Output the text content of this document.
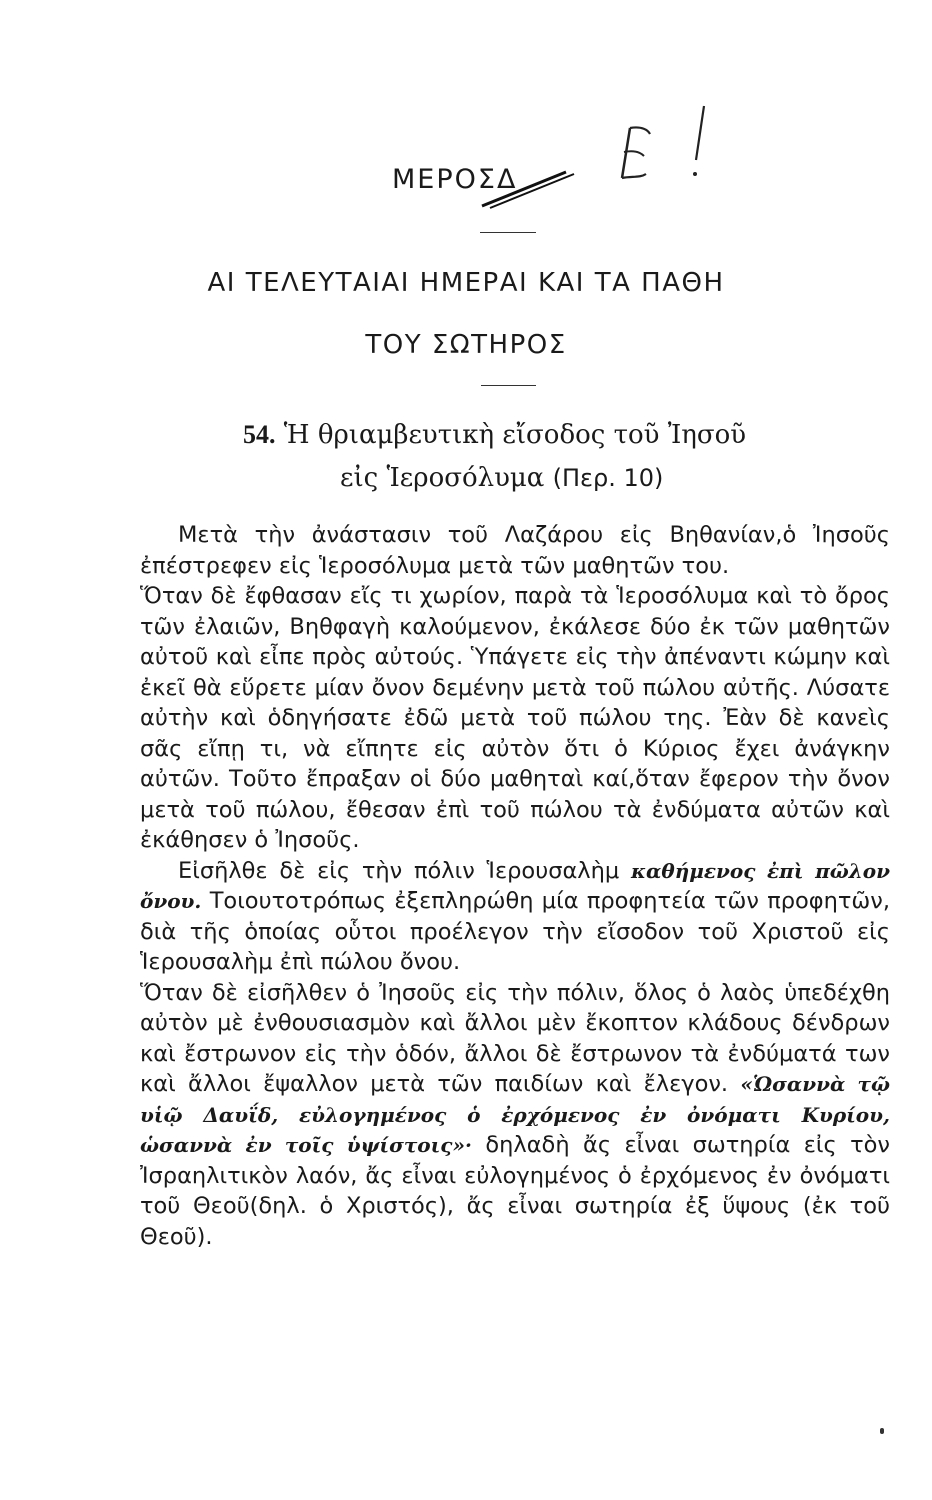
ΜΕΡΟΣΔ	Ε!
ΑΙ ΤΕΛΕΥΤΑΙΑΙ ΗΜΕΡΑΙ ΚΑΙ ΤΑ ΠΑΘΗ
ΤΟΥ ΣΩΤΗΡΟΣ
54. Ἡ θριαμβευτικὴ εἴσοδος τοῦ Ἰησοῦ
εἰς Ἱεροσόλυμα (Περ. 10)

Μετὰ τὴν ἀνάστασιν τοῦ Λαζάρου εἰς Βηθανίαν,ὁ Ἰησοῦς ἐπέστρεφεν εἰς Ἱεροσόλυμα μετὰ τῶν μαθητῶν του.

Ὅταν δὲ ἔφθασαν εἴς τι χωρίον, παρὰ τὰ Ἱεροσόλυμα καὶ τὸ ὄρος τῶν ἐλαιῶν, Βηθφαγὴ καλούμενον, ἐκάλεσε δύο ἐκ τῶν μαθητῶν αὐτοῦ καὶ εἶπε πρὸς αὐτούς. Ὑπάγετε εἰς τὴν ἀπέναντι κώμην καὶ ἐκεῖ θὰ εὕρετε μίαν ὄνον δεμένην μετὰ τοῦ πώλου αὐτῆς. Λύσατε αὐτὴν καὶ ὁδηγήσατε ἐδῶ μετὰ τοῦ πώλου της. Ἐὰν δὲ κανεὶς σᾶς εἴπῃ τι, νὰ εἴπητε εἰς αὐτὸν ὅτι ὁ Κύριος ἔχει ἀνάγκην αὐτῶν. Τοῦτο ἔπραξαν οἱ δύο μαθηταὶ καί,ὅταν ἔφερον τὴν ὄνον μετὰ τοῦ πώλου, ἔθεσαν ἐπὶ τοῦ πώλου τὰ ἐνδύματα αὐτῶν καὶ ἐκάθησεν ὁ Ἰησοῦς.

Εἰσῆλθε δὲ εἰς τὴν πόλιν Ἱερουσαλὴμ καθήμενος ἐπὶ πῶλον ὄνου. Τοιουτοτρόπως ἐξεπληρώθη μία προφητεία τῶν προφητῶν, διὰ τῆς ὁποίας οὗτοι προέλεγον τὴν εἴσοδον τοῦ Χριστοῦ εἰς Ἱερουσαλὴμ ἐπὶ πώλου ὄνου.

Ὅταν δὲ εἰσῆλθεν ὁ Ἰησοῦς εἰς τὴν πόλιν, ὅλος ὁ λαὸς ὑπεδέχθη αὐτὸν μὲ ἐνθουσιασμὸν καὶ ἄλλοι μὲν ἔκοπτον κλάδους δένδρων καὶ ἔστρωνον εἰς τὴν ὁδόν, ἄλλοι δὲ ἔστρωνον τὰ ἐνδύματά των καὶ ἄλλοι ἔψαλλον μετὰ τῶν παιδίων καὶ ἔλεγον. «Ὡσαννὰ τῷ υἱῷ Δαυΐδ, εὐλογημένος ὁ ἐρχόμενος ἐν ὀνόματι Κυρίου, ὡσαννὰ ἐν τοῖς ὑψίστοις»· δηλαδὴ ἄς εἶναι σωτηρία εἰς τὸν Ἰσραηλιτικὸν λαόν, ἄς εἶναι εὐλογημένος ὁ ἐρχόμενος ἐν ὀνόματι τοῦ Θεοῦ(δηλ. ὁ Χριστός), ἄς εἶναι σωτηρία ἐξ ὕψους (ἐκ τοῦ Θεοῦ).
